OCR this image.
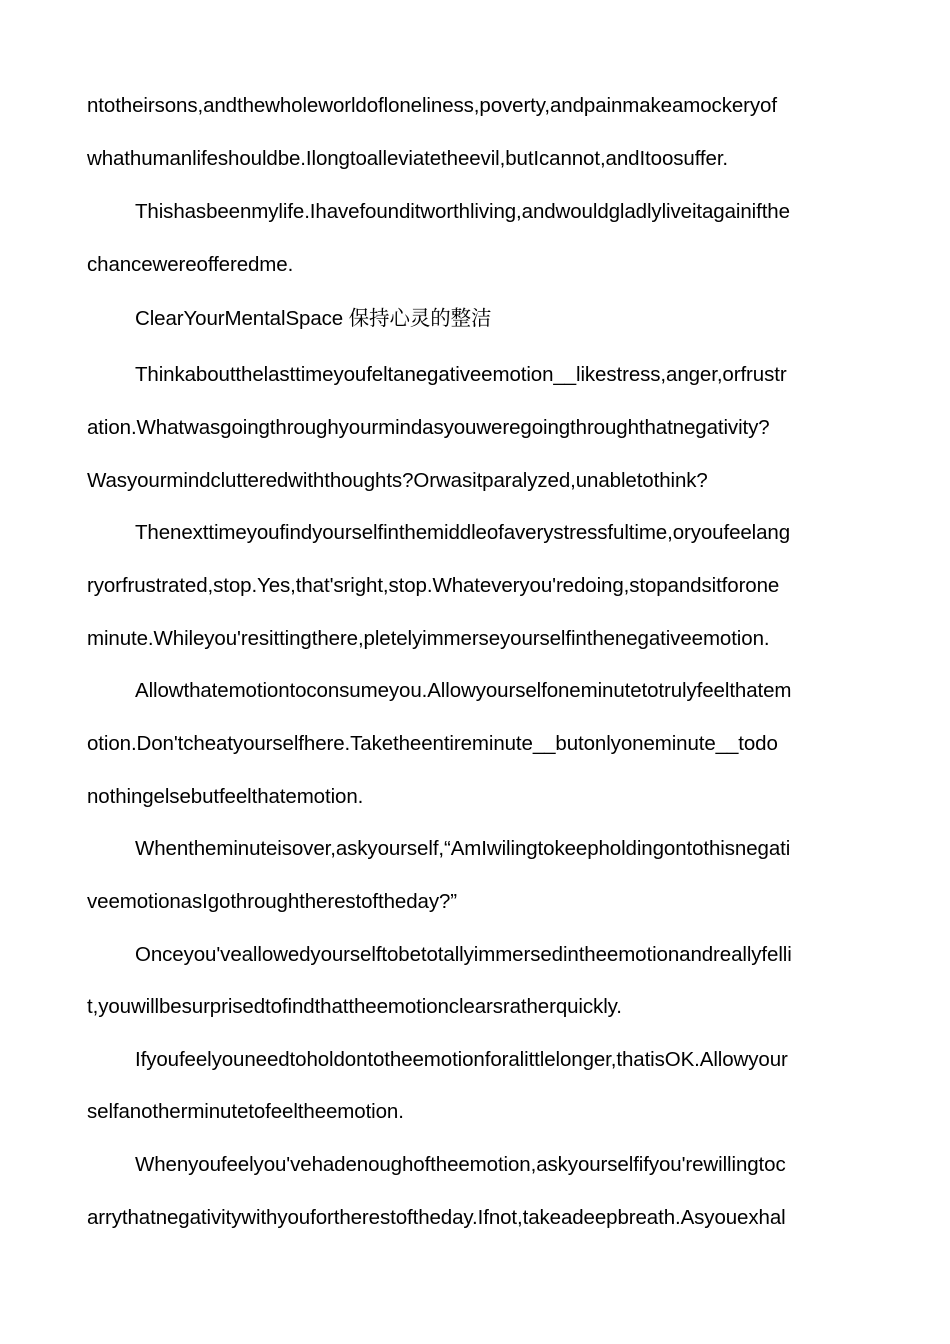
ntotheirsons,andthewholeworldofloneliness,poverty,andpainmakeamockeryof
whathumanlifeshouldbe.Ilongtoalleviatetheevil,butIcannot,andItoosuffer.
Thishasbeenmylife.Ihavefounditworthliving,andwouldgladlyliveitagainifthe
chancewereofferedme.
ClearYourMentalSpace 保持心灵的整洁
Thinkaboutthelasttimeyoufeltanegativeemotion__likestress,anger,orfrustr
ation.Whatwasgoingthroughyourmindasyouweregoingthroughthatnegativity?
Wasyourmindclutteredwiththoughts?Orwasitparalyzed,unabletothink?
Thenexttimeyoufindyourselfinthemiddleofaverystressfultime,oryoufeelang
ryorfrustrated,stop.Yes,that'sright,stop.Whateveryou'redoing,stopandsitforone
minute.Whileyou'resittingthere,pletelyimmerseyourselfinthenegativeemotion.
Allowthatemotiontoconsumeyou.Allowyourselfoneminutetotrulyfeelthatem
otion.Don'tcheatyourselfhere.Taketheentireminute__butonlyoneminute__todo
nothingelsebutfeelthatemotion.
Whentheminuteisover,askyourself,“AmIwilingtokeepholdingontothisnegati
veemotionasIgothroughtherestoftheday?”
Onceyou'veallowedyourselftobetotallyimmersedintheemotionandreallyfelli
t,youwillbesurprisedtofindthattheemotionclearsratherquickly.
Ifyoufeelyouneedtoholdontotheemotionforalittlelonger,thatisOK.Allowyour
selfanotherminutetofeeltheemotion.
Whenyoufeelyou'vehadenoughoftheemotion,askyourselfifyou'rewillingtoc
arrythatnegativitywithyoufortherestoftheday.Ifnot,takeadeepbreath.Asyouexhal
